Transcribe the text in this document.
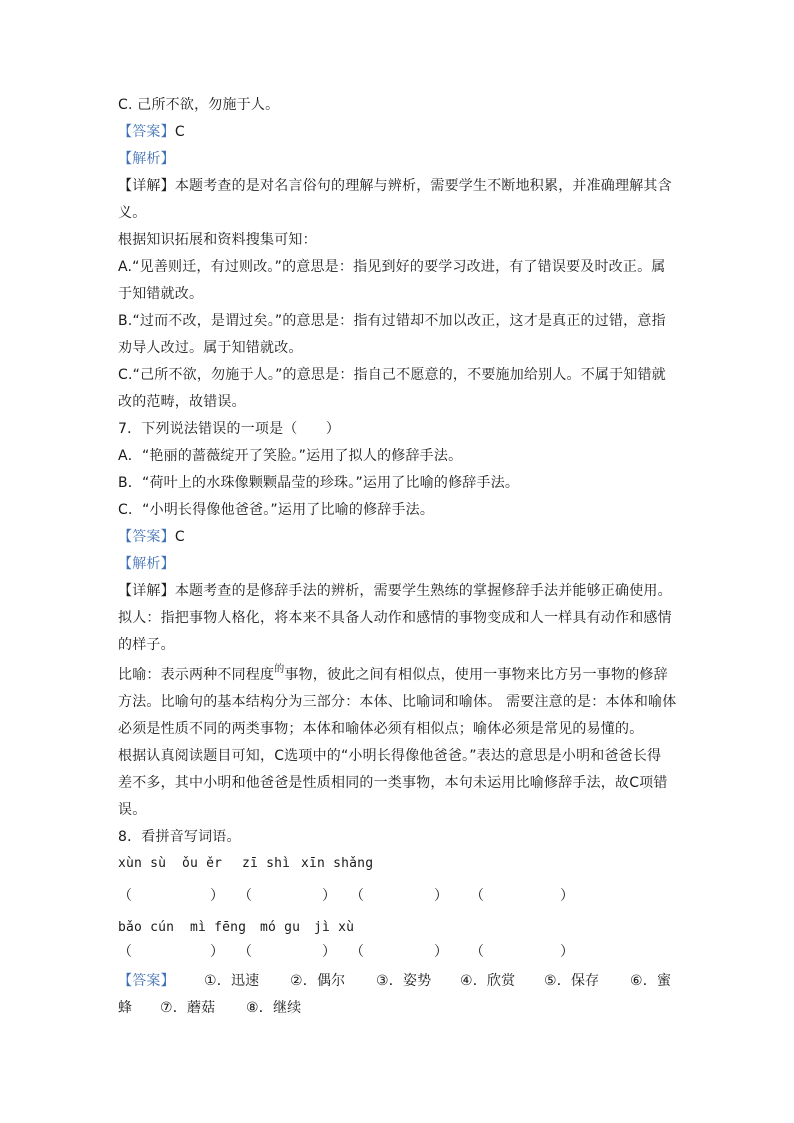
C. 己所不欲，勿施于人。
【答案】C
【解析】
【详解】本题考查的是对名言俗句的理解与辨析，需要学生不断地积累，并准确理解其含
义。
根据知识拓展和资料搜集可知：
A.“见善则迁，有过则改。”的意思是：指见到好的要学习改进，有了错误要及时改正。属
于知错就改。
B.“过而不改，是谓过矣。”的意思是：指有过错却不加以改正，这才是真正的过错，意指
劝导人改过。属于知错就改。
C.“己所不欲，勿施于人。”的意思是：指自己不愿意的，不要施加给别人。不属于知错就
改的范畴，故错误。
7．下列说法错误的一项是（　　）
A．“艳丽的蔷薇绽开了笑脸。”运用了拟人的修辞手法。
B．“荷叶上的水珠像颗颗晶莹的珍珠。”运用了比喻的修辞手法。
C．“小明长得像他爸爸。”运用了比喻的修辞手法。
【答案】C
【解析】
【详解】本题考查的是修辞手法的辨析，需要学生熟练的掌握修辞手法并能够正确使用。
拟人：指把事物人格化，将本来不具备人动作和感情的事物变成和人一样具有动作和感情
的样子。
比喻：表示两种不同程度$^的$事物，彼此之间有相似点，使用一事物来比方另一事物的修辞
方法。比喻句的基本结构分为三部分：本体、比喻词和喻体。 需要注意的是：本体和喻体
必须是性质不同的两类事物；本体和喻体必须有相似点；喻体必须是常见的易懂的。
根据认真阅读题目可知，C选项中的“小明长得像他爸爸。”表达的意思是小明和爸爸长得
差不多，其中小明和他爸爸是性质相同的一类事物，本句未运用比喻修辞手法，故C项错
误。
8．看拼音写词语。
xùn sù ǒu ěr zī shì xīn shǎng
（	） （	） （	） （	）
bǎo cún mì fēng mó gu jì xù
（	） （	） （	） （	）
【答案】 ①．迅速 ②．偶尔 ③．姿势 ④．欣赏 ⑤．保存 ⑥．蜜
蜂 ⑦．蘑菇 ⑧．继续
